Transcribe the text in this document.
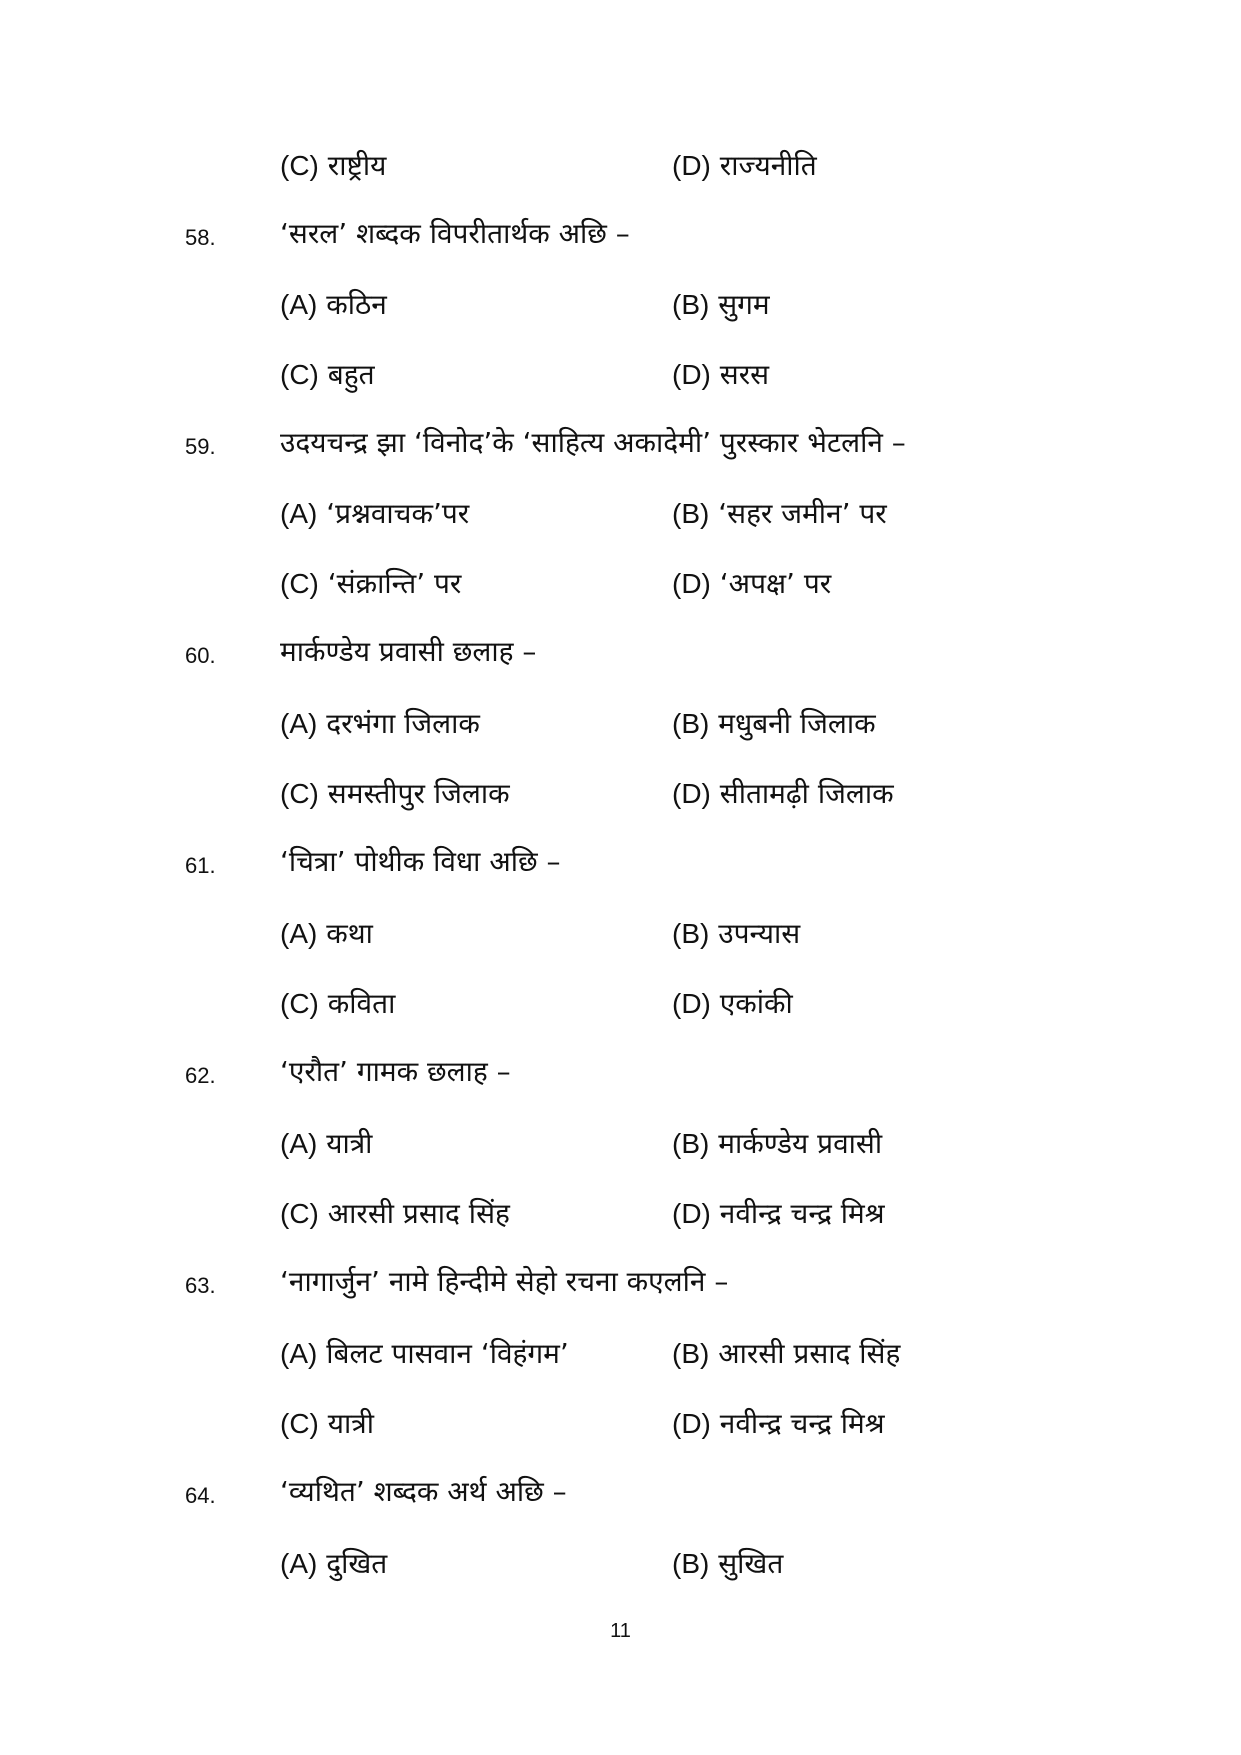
(C) राष्ट्रीय	(D) राज्यनीति
58. ‘सरल’ शब्दक विपरीतार्थक अछि –
(A) कठिन	(B) सुगम
(C) बहुत	(D) सरस
59. उदयचन्द्र झा ‘विनोद’के ‘साहित्य अकादेमी’ पुरस्कार भेटलनि –
(A) ‘प्रश्नवाचक’पर	(B) ‘सहर जमीन’ पर
(C) ‘संक्रान्ति’ पर	(D) ‘अपक्ष’ पर
60. मार्कण्डेय प्रवासी छलाह –
(A) दरभंगा जिलाक	(B) मधुबनी जिलाक
(C) समस्तीपुर जिलाक	(D) सीतामढ़ी जिलाक
61. ‘चित्रा’ पोथीक विधा अछि –
(A) कथा	(B) उपन्यास
(C) कविता	(D) एकांकी
62. ‘एरौत’ गामक छलाह –
(A) यात्री	(B) मार्कण्डेय प्रवासी
(C) आरसी प्रसाद सिंह	(D) नवीन्द्र चन्द्र मिश्र
63. ‘नागार्जुन’ नामे हिन्दीमे सेहो रचना कएलनि –
(A) बिलट पासवान ‘विहंगम’	(B) आरसी प्रसाद सिंह
(C) यात्री	(D) नवीन्द्र चन्द्र मिश्र
64. ‘व्यथित’ शब्दक अर्थ अछि –
(A) दुखित	(B) सुखित
11
